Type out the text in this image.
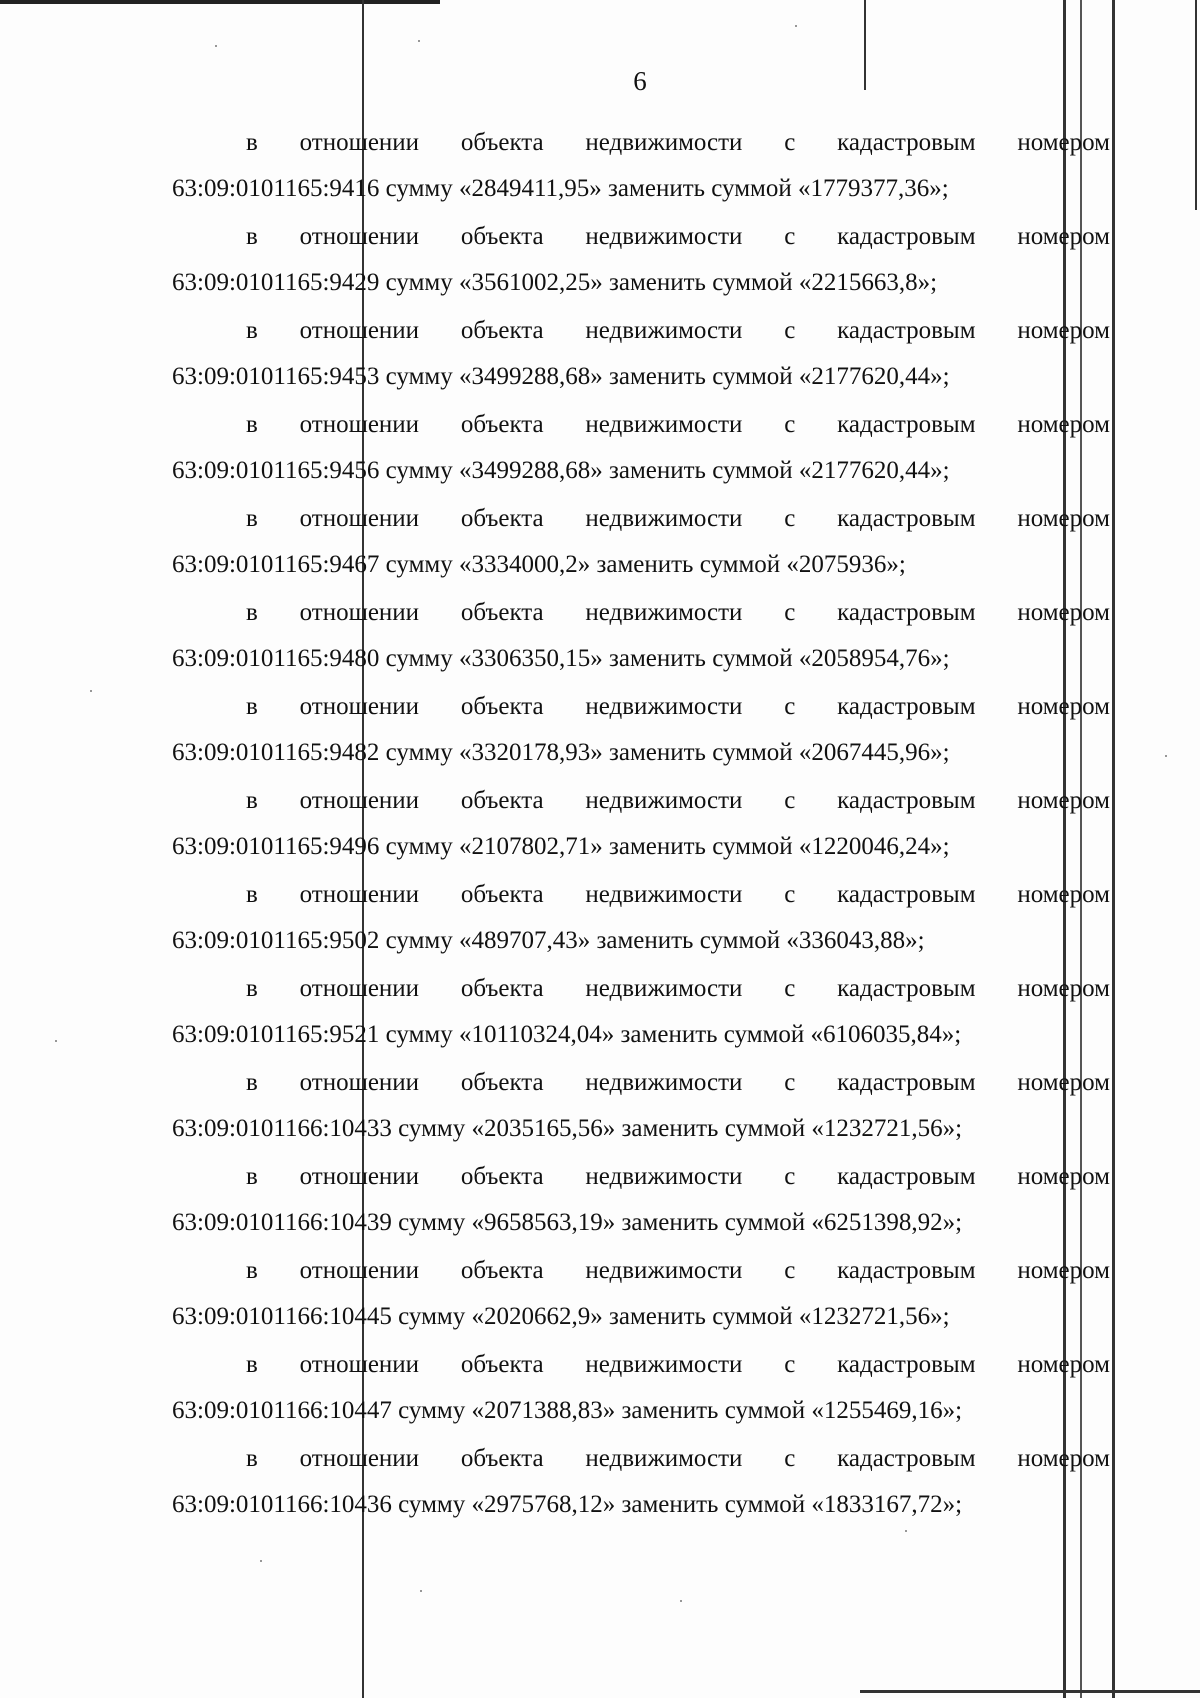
6
в отношении объекта недвижимости с кадастровым номером
63:09:0101165:9416 сумму «2849411,95» заменить суммой «1779377,36»;
в отношении объекта недвижимости с кадастровым номером
63:09:0101165:9429 сумму «3561002,25» заменить суммой «2215663,8»;
в отношении объекта недвижимости с кадастровым номером
63:09:0101165:9453 сумму «3499288,68» заменить суммой «2177620,44»;
в отношении объекта недвижимости с кадастровым номером
63:09:0101165:9456 сумму «3499288,68» заменить суммой «2177620,44»;
в отношении объекта недвижимости с кадастровым номером
63:09:0101165:9467 сумму «3334000,2» заменить суммой «2075936»;
в отношении объекта недвижимости с кадастровым номером
63:09:0101165:9480 сумму «3306350,15» заменить суммой «2058954,76»;
в отношении объекта недвижимости с кадастровым номером
63:09:0101165:9482 сумму «3320178,93» заменить суммой «2067445,96»;
в отношении объекта недвижимости с кадастровым номером
63:09:0101165:9496 сумму «2107802,71» заменить суммой «1220046,24»;
в отношении объекта недвижимости с кадастровым номером
63:09:0101165:9502 сумму «489707,43» заменить суммой «336043,88»;
в отношении объекта недвижимости с кадастровым номером
63:09:0101165:9521 сумму «10110324,04» заменить суммой «6106035,84»;
в отношении объекта недвижимости с кадастровым номером
63:09:0101166:10433 сумму «2035165,56» заменить суммой «1232721,56»;
в отношении объекта недвижимости с кадастровым номером
63:09:0101166:10439 сумму «9658563,19» заменить суммой «6251398,92»;
в отношении объекта недвижимости с кадастровым номером
63:09:0101166:10445 сумму «2020662,9» заменить суммой «1232721,56»;
в отношении объекта недвижимости с кадастровым номером
63:09:0101166:10447 сумму «2071388,83» заменить суммой «1255469,16»;
в отношении объекта недвижимости с кадастровым номером
63:09:0101166:10436 сумму «2975768,12» заменить суммой «1833167,72»;
